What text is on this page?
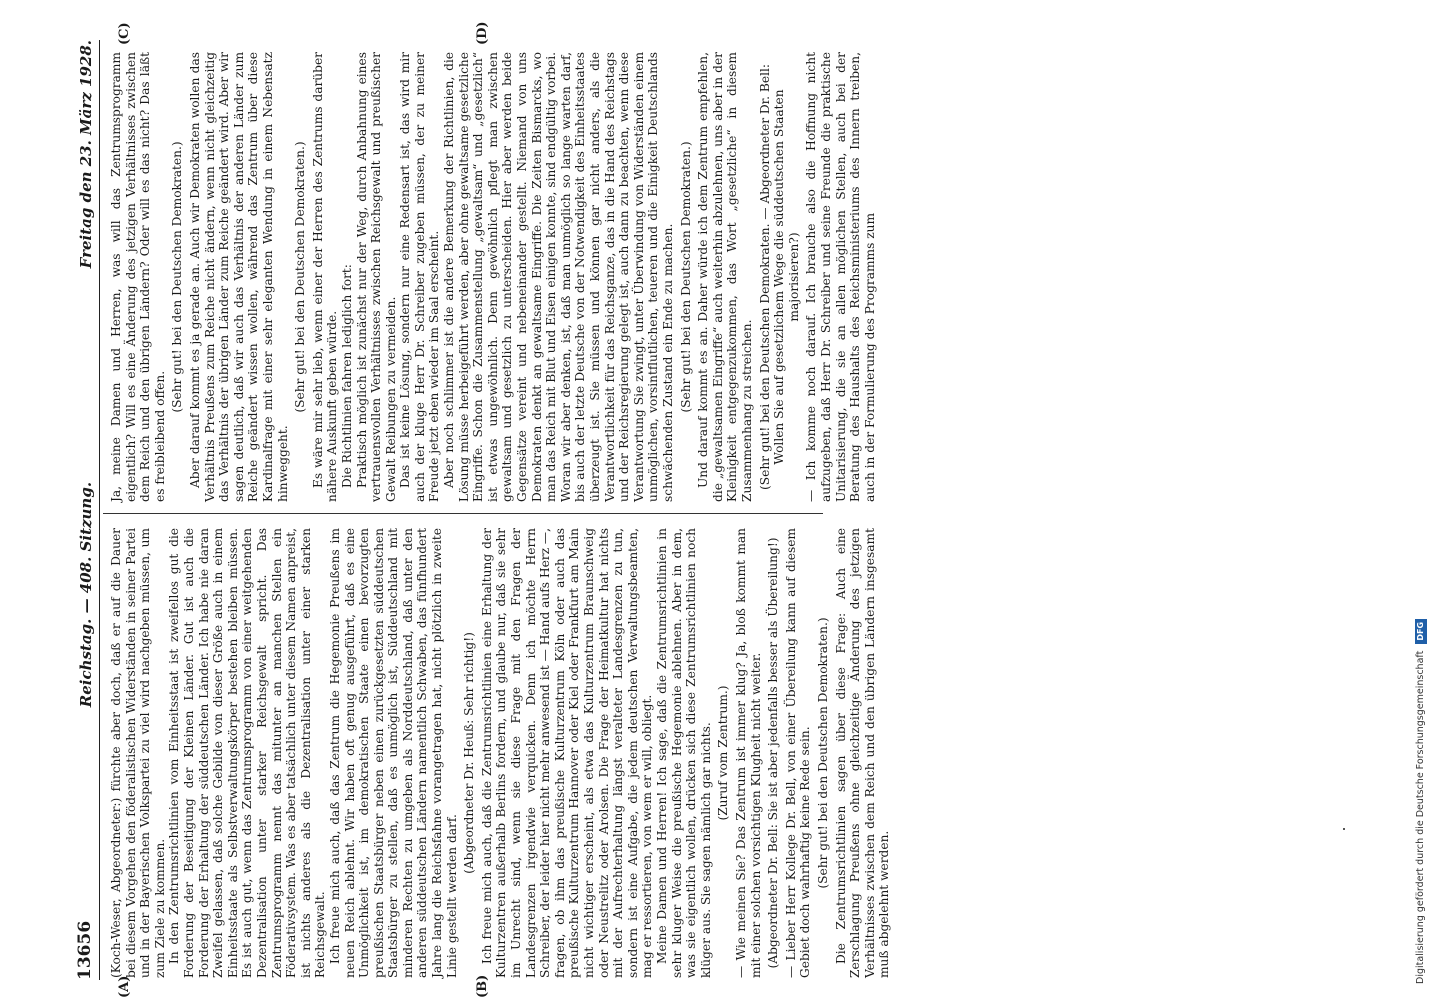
13656
Reichstag. — 408. Sitzung.
Freitag den 23. März 1928.
(A)	(B)
(C)	(D)

(Koch-Weser, Abgeordneter:) fürchte aber doch, daß er auf die Dauer bei diesem Vorgehen den föderalistischen Widerständen in seiner Partei und in der Bayerischen Volkspartei zu viel wird nachgeben müssen, um zum Ziele zu kommen. In den Zentrumsrichtlinien vom Einheitsstaat ist zweifellos gut die Forderung der Beseitigung der Kleinen Länder. Gut ist auch die Forderung der Erhaltung der süddeutschen Länder. Ich habe nie daran Zweifel gelassen, daß solche Gebilde von dieser Größe auch in einem Einheitsstaate als Selbstverwaltungskörper bestehen bleiben müssen. Es ist auch gut, wenn das Zentrumsprogramm von einer weitgehenden Dezentralisation unter starker Reichsgewalt spricht. Das Zentrumsprogramm nennt das mitunter an manchen Stellen ein Föderativsystem. Was es aber tatsächlich unter diesem Namen anpreist, ist nichts anderes als die Dezentralisation unter einer starken Reichsgewalt. Ich freue mich auch, daß das Zentrum die Hegemonie Preußens im neuen Reich ablehnt. Wir haben oft genug ausgeführt, daß es eine Unmöglichkeit ist, im demokratischen Staate einen bevorzugten preußischen Staatsbürger neben einen zurückgesetzten süddeutschen Staatsbürger zu stellen, daß es unmöglich ist, Süddeutschland mit minderen Rechten zu umgeben als Norddeutschland, daß unter den anderen süddeutschen Ländern namentlich Schwaben, das fünfhundert Jahre lang die Reichsfahne vorangetragen hat, nicht plötzlich in zweite Linie gestellt werden darf.

(Abgeordneter Dr. Heuß: Sehr richtig!) Ich freue mich auch, daß die Zentrumsrichtlinien eine Erhaltung der Kulturzentren außerhalb Berlins fordern, und glaube nur, daß sie sehr im Unrecht sind, wenn sie diese Frage mit den Fragen der Landesgrenzen irgendwie verquicken. Denn ich möchte Herrn Schreiber, der leider hier nicht mehr anwesend ist — Hand aufs Herz —, fragen, ob ihm das preußische Kulturzentrum Köln oder auch das preußische Kulturzentrum Hannover oder Kiel oder Frankfurt am Main nicht wichtiger erscheint, als etwa das Kulturzentrum Braunschweig oder Neustrelitz oder Arolsen. Die Frage der Heimatkultur hat nichts mit der Aufrechterhaltung längst veralteter Landesgrenzen zu tun, sondern ist eine Aufgabe, die jedem deutschen Verwaltungsbeamten, mag er ressortieren, von wem er will, obliegt. Meine Damen und Herren! Ich sage, daß die Zentrumsrichtlinien in sehr kluger Weise die preußische Hegemonie ablehnen. Aber in dem, was sie eigentlich wollen, drücken sich diese Zentrumsrichtlinien noch klüger aus. Sie sagen nämlich gar nichts. (Zuruf vom Zentrum.) — Wie meinen Sie? Das Zentrum ist immer klug? Ja, bloß kommt man mit einer solchen vorsichtigen Klugheit nicht weiter. (Abgeordneter Dr. Bell: Sie ist aber jedenfalls besser als Übereilung!) — Lieber Herr Kollege Dr. Bell, von einer Übereilung kann auf diesem Gebiet doch wahrhaftig keine Rede sein. (Sehr gut! bei den Deutschen Demokraten.) Die Zentrumsrichtlinien sagen über diese Frage: Auch eine Zerschlagung Preußens ohne gleichzeitige Änderung des jetzigen Verhältnisses zwischen dem Reich und den übrigen Ländern insgesamt muß abgelehnt werden.

Ja, meine Damen und Herren, was will das Zentrumsprogramm eigentlich? Will es eine Änderung des jetzigen Verhältnisses zwischen dem Reich und den übrigen Ländern? Oder will es das nicht? Das läßt es freibleibend offen.

(Sehr gut! bei den Deutschen Demokraten.) Aber darauf kommt es ja gerade an. Auch wir Demokraten wollen das Verhältnis Preußens zum Reiche nicht ändern, wenn nicht gleichzeitig das Verhältnis der übrigen Länder zum Reiche geändert wird. Aber wir sagen deutlich, daß wir auch das Verhältnis der anderen Länder zum Reiche geändert wissen wollen, während das Zentrum über diese Kardinalfrage mit einer sehr eleganten Wendung in einem Nebensatz hinweggeht.

(Sehr gut! bei den Deutschen Demokraten.) Es wäre mir sehr lieb, wenn einer der Herren des Zentrums darüber nähere Auskunft geben würde. Die Richtlinien fahren lediglich fort: Praktisch möglich ist zunächst nur der Weg, durch Anbahnung eines vertrauensvollen Verhältnisses zwischen Reichsgewalt und preußischer Gewalt Reibungen zu vermeiden. Das ist keine Lösung, sondern nur eine Redensart ist, das wird mir auch der kluge Herr Dr. Schreiber zugeben müssen, der zu meiner Freude jetzt eben wieder im Saal erscheint. Aber noch schlimmer ist die andere Bemerkung der Richtlinien, die Lösung müsse herbeigeführt werden, aber ohne gewaltsame gesetzliche Eingriffe. Schon die Zusammenstellung „gewaltsam“ und „gesetzlich“ ist etwas ungewöhnlich. Denn gewöhnlich pflegt man zwischen gewaltsam und gesetzlich zu unterscheiden. Hier aber werden beide Gegensätze vereint und nebeneinander gestellt. Niemand von uns Demokraten denkt an gewaltsame Eingriffe. Die Zeiten Bismarcks, wo man das Reich mit Blut und Eisen einigen konnte, sind endgültig vorbei. Woran wir aber denken, ist, daß man unmöglich so lange warten darf, bis auch der letzte Deutsche von der Notwendigkeit des Einheitsstaates überzeugt ist. Sie müssen und können gar nicht anders, als die Verantwortlichkeit für das Reichsganze, das in die Hand des Reichstags und der Reichsregierung gelegt ist, auch dann zu beachten, wenn diese Verantwortung Sie zwingt, unter Überwindung von Widerständen einem unmöglichen, vorsintflutlichen, teueren und die Einigkeit Deutschlands schwächenden Zustand ein Ende zu machen. (Sehr gut! bei den Deutschen Demokraten.) Und darauf kommt es an. Daher würde ich dem Zentrum empfehlen, die „gewaltsamen Eingriffe“ auch weiterhin abzulehnen, uns aber in der Kleinigkeit entgegenzukommen, das Wort „gesetzliche“ in diesem Zusammenhang zu streichen. (Sehr gut! bei den Deutschen Demokraten. — Abgeordneter Dr. Bell: Wollen Sie auf gesetzlichem Wege die süddeutschen Staaten majorisieren?) — Ich komme noch darauf. Ich brauche also die Hoffnung nicht aufzugeben, daß Herr Dr. Schreiber und seine Freunde die praktische Unitarisierung, die sie an allen möglichen Stellen, auch bei der Beratung des Haushalts des Reichsministeriums des Innern treiben, auch in der Formulierung des Programms zum

Digitalisierung gefördert durch die Deutsche Forschungsgemeinschaft DFG
